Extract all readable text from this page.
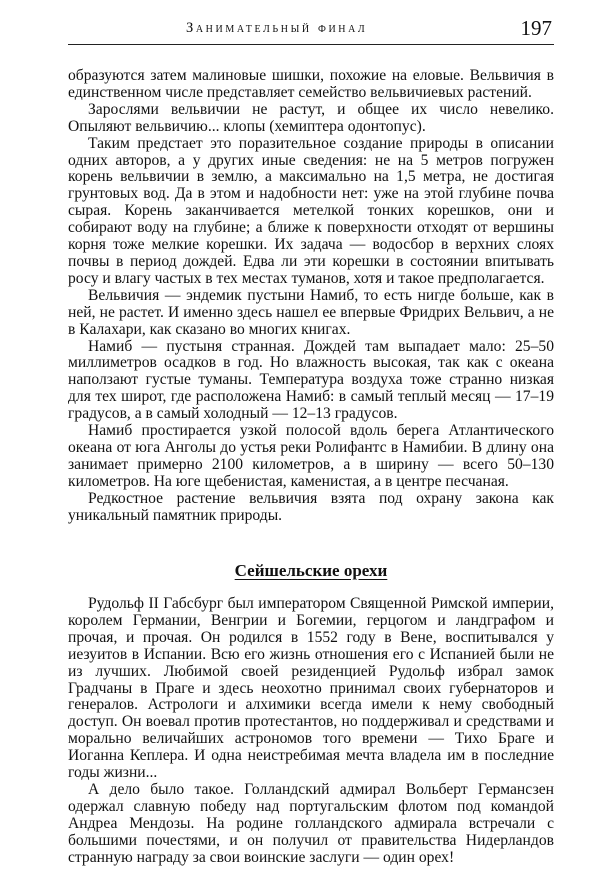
Занимательный финал	197

образуются затем малиновые шишки, похожие на еловые. Вельвичия в единственном числе представляет семейство вельвичиевых растений.

Зарослями вельвичии не растут, и общее их число невелико. Опыляют вельвичию... клопы (хемиптера одонтопус).

Таким предстает это поразительное создание природы в описании одних авторов, а у других иные сведения: не на 5 метров погружен корень вельвичии в землю, а максимально на 1,5 метра, не достигая грунтовых вод. Да в этом и надобности нет: уже на этой глубине почва сырая. Корень заканчивается метелкой тонких корешков, они и собирают воду на глубине; а ближе к поверхности отходят от вершины корня тоже мелкие корешки. Их задача — водосбор в верхних слоях почвы в период дождей. Едва ли эти корешки в состоянии впитывать росу и влагу частых в тех местах туманов, хотя и такое предполагается.

Вельвичия — эндемик пустыни Намиб, то есть нигде больше, как в ней, не растет. И именно здесь нашел ее впервые Фридрих Вельвич, а не в Калахари, как сказано во многих книгах.

Намиб — пустыня странная. Дождей там выпадает мало: 25–50 миллиметров осадков в год. Но влажность высокая, так как с океана наползают густые туманы. Температура воздуха тоже странно низкая для тех широт, где расположена Намиб: в самый теплый месяц — 17–19 градусов, а в самый холодный — 12–13 градусов.

Намиб простирается узкой полосой вдоль берега Атлантического океана от юга Анголы до устья реки Ролифантс в Намибии. В длину она занимает примерно 2100 километров, а в ширину — всего 50–130 километров. На юге щебенистая, каменистая, а в центре песчаная.

Редкостное растение вельвичия взята под охрану закона как уникальный памятник природы.

Сейшельские орехи

Рудольф II Габсбург был императором Священной Римской империи, королем Германии, Венгрии и Богемии, герцогом и ландграфом и прочая, и прочая. Он родился в 1552 году в Вене, воспитывался у иезуитов в Испании. Всю его жизнь отношения его с Испанией были не из лучших. Любимой своей резиденцией Рудольф избрал замок Градчаны в Праге и здесь неохотно принимал своих губернаторов и генералов. Астрологи и алхимики всегда имели к нему свободный доступ. Он воевал против протестантов, но поддерживал и средствами и морально величайших астрономов того времени — Тихо Браге и Иоганна Кеплера. И одна неистребимая мечта владела им в последние годы жизни...

А дело было такое. Голландский адмирал Вольберт Германсзен одержал славную победу над португальским флотом под командой Андреа Мендозы. На родине голландского адмирала встречали с большими почестями, и он получил от правительства Нидерландов странную награду за свои воинские заслуги — один орех!
